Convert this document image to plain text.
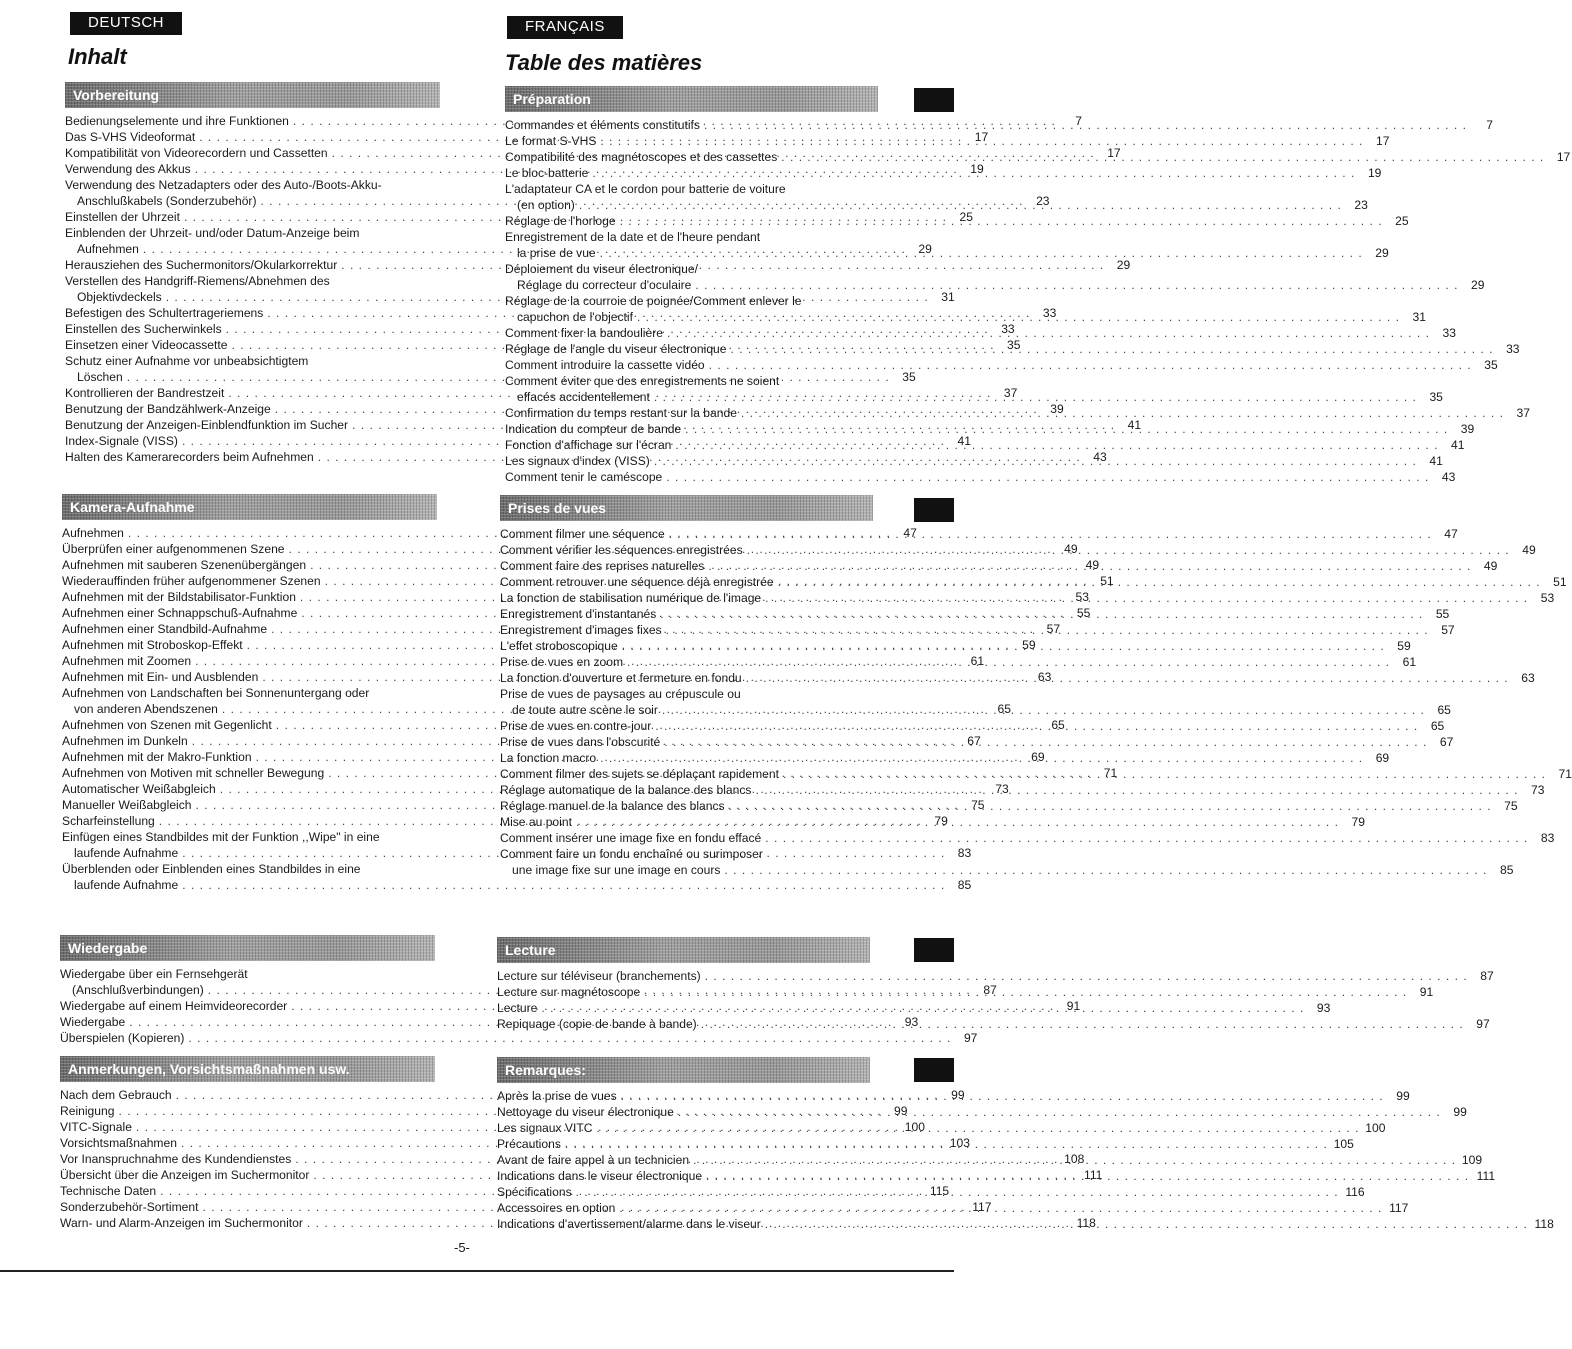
DEUTSCH
Inhalt
FRANÇAIS
Table des matières
Vorbereitung
Bedienungselemente und ihre Funktionen . . .	7
Das S-VHS Videoformat . . .	17
Kompatibilität von Videorecordern und Cassetten . . .	17
Verwendung des Akkus . . .	19
Verwendung des Netzadapters oder des Auto-/Boots-Akku-
Anschlußkabels (Sonderzubehör) . . .	23
Einstellen der Uhrzeit . . .	25
Einblenden der Uhrzeit- und/oder Datum-Anzeige beim
Aufnehmen . . .	29
Herausziehen des Suchermonitors/Okularkorrektur . . .	29
Verstellen des Handgriff-Riemens/Abnehmen des
Objektivdeckels . . .	31
Befestigen des Schultertrageriemens . . .	33
Einstellen des Sucherwinkels . . .	33
Einsetzen einer Videocassette . . .	35
Schutz einer Aufnahme vor unbeabsichtigtem
Löschen . . .	35
Kontrollieren der Bandrestzeit . . .	37
Benutzung der Bandzählwerk-Anzeige . . .	39
Benutzung der Anzeigen-Einblendfunktion im Sucher . . .	41
Index-Signale (VISS) . . .	41
Halten des Kamerarecorders beim Aufnehmen . . .	43
Kamera-Aufnahme
Aufnehmen . . .	47
Überprüfen einer aufgenommenen Szene . . .	49
Aufnehmen mit sauberen Szenenübergängen . . .	49
Wiederauffinden früher aufgenommener Szenen . . .	51
Aufnehmen mit der Bildstabilisator-Funktion . . .	53
Aufnehmen einer Schnappschuß-Aufnahme . . .	55
Aufnehmen einer Standbild-Aufnahme . . .	57
Aufnehmen mit Stroboskop-Effekt . . .	59
Aufnehmen mit Zoomen . . .	61
Aufnehmen mit Ein- und Ausblenden . . .	63
Aufnehmen von Landschaften bei Sonnenuntergang oder
von anderen Abendszenen . . .	65
Aufnehmen von Szenen mit Gegenlicht . . .	65
Aufnehmen im Dunkeln . . .	67
Aufnehmen mit der Makro-Funktion . . .	69
Aufnehmen von Motiven mit schneller Bewegung . . .	71
Automatischer Weißabgleich . . .	73
Manueller Weißabgleich . . .	75
Scharfeinstellung . . .	79
Einfügen eines Standbildes mit der Funktion ,,Wipe" in eine
laufende Aufnahme . . .	83
Überblenden oder Einblenden eines Standbildes in eine
laufende Aufnahme . . .	85
Wiedergabe
Wiedergabe über ein Fernsehgerät
(Anschlußverbindungen) . . .	87
Wiedergabe auf einem Heimvideorecorder . . .	91
Wiedergabe . . .	93
Überspielen (Kopieren) . . .	97
Anmerkungen, Vorsichtsmaßnahmen usw.
Nach dem Gebrauch . . .	99
Reinigung . . .	99
VITC-Signale . . .	100
Vorsichtsmaßnahmen . . .	103
Vor Inanspruchnahme des Kundendienstes . . .	108
Übersicht über die Anzeigen im Suchermonitor . . .	111
Technische Daten . . .	115
Sonderzubehör-Sortiment . . .	117
Warn- und Alarm-Anzeigen im Suchermonitor . . .	118
Préparation
Commandes et éléments constitutifs . . .	7
Le format S-VHS . . .	17
Compatibilité des magnétoscopes et des cassettes . . .	17
Le bloc-batterie . . .	19
L'adaptateur CA et le cordon pour batterie de voiture
(en option) . . .	23
Réglage de l'horloge . . .	25
Enregistrement de la date et de l'heure pendant
la prise de vue . . .	29
Déploiement du viseur électronique/
Réglage du correcteur d'oculaire . . .	29
Réglage de la courroie de poignée/Comment enlever le
capuchon de l'objectif . . .	31
Comment fixer la bandoulière . . .	33
Réglage de l'angle du viseur électronique . . .	33
Comment introduire la cassette vidéo . . .	35
Comment éviter que des enregistrements ne soient
effacés accidentellement . . .	35
Confirmation du temps restant sur la bande . . .	37
Indication du compteur de bande . . .	39
Fonction d'affichage sur l'écran . . .	41
Les signaux d'index (VISS) . . .	41
Comment tenir le caméscope . . .	43
Prises de vues
Comment filmer une séquence . . .	47
Comment vérifier les séquences enregistrées . . .	49
Comment faire des reprises naturelles . . .	49
Comment retrouver une séquence déjà enregistrée . . .	51
La fonction de stabilisation numérique de l'image . . .	53
Enregistrement d'instantanés . . .	55
Enregistrement d'images fixes . . .	57
L'effet stroboscopique . . .	59
Prise de vues en zoom . . .	61
La fonction d'ouverture et fermeture en fondu . . .	63
Prise de vues de paysages au crépuscule ou
de toute autre scène le soir . . .	65
Prise de vues en contre-jour . . .	65
Prise de vues dans l'obscurité . . .	67
La fonction macro . . .	69
Comment filmer des sujets se déplaçant rapidement . . .	71
Réglage automatique de la balance des blancs . . .	73
Réglage manuel de la balance des blancs . . .	75
Mise au point . . .	79
Comment insérer une image fixe en fondu effacé . . .	83
Comment faire un fondu enchaîné ou surimposer
une image fixe sur une image en cours . . .	85
Lecture
Lecture sur téléviseur (branchements) . . .	87
Lecture sur magnétoscope . . .	91
Lecture . . .	93
Repiquage (copie de bande à bande) . . .	97
Remarques:
Après la prise de vues . . .	99
Nettoyage du viseur électronique . . .	99
Les signaux VITC . . .	100
Précautions . . .	105
Avant de faire appel à un technicien . . .	109
Indications dans le viseur électronique . . .	111
Spécifications . . .	116
Accessoires en option . . .	117
Indications d'avertissement/alarme dans le viseur . . .	118
-5-
